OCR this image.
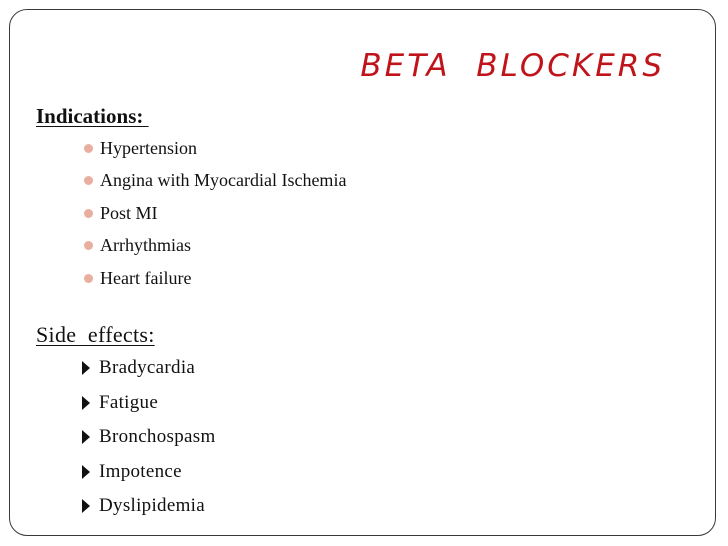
BETA  BLOCKERS
Indications:
Hypertension
Angina with Myocardial Ischemia
Post MI
Arrhythmias
Heart failure
Side  effects:
Bradycardia
Fatigue
Bronchospasm
Impotence
Dyslipidemia
